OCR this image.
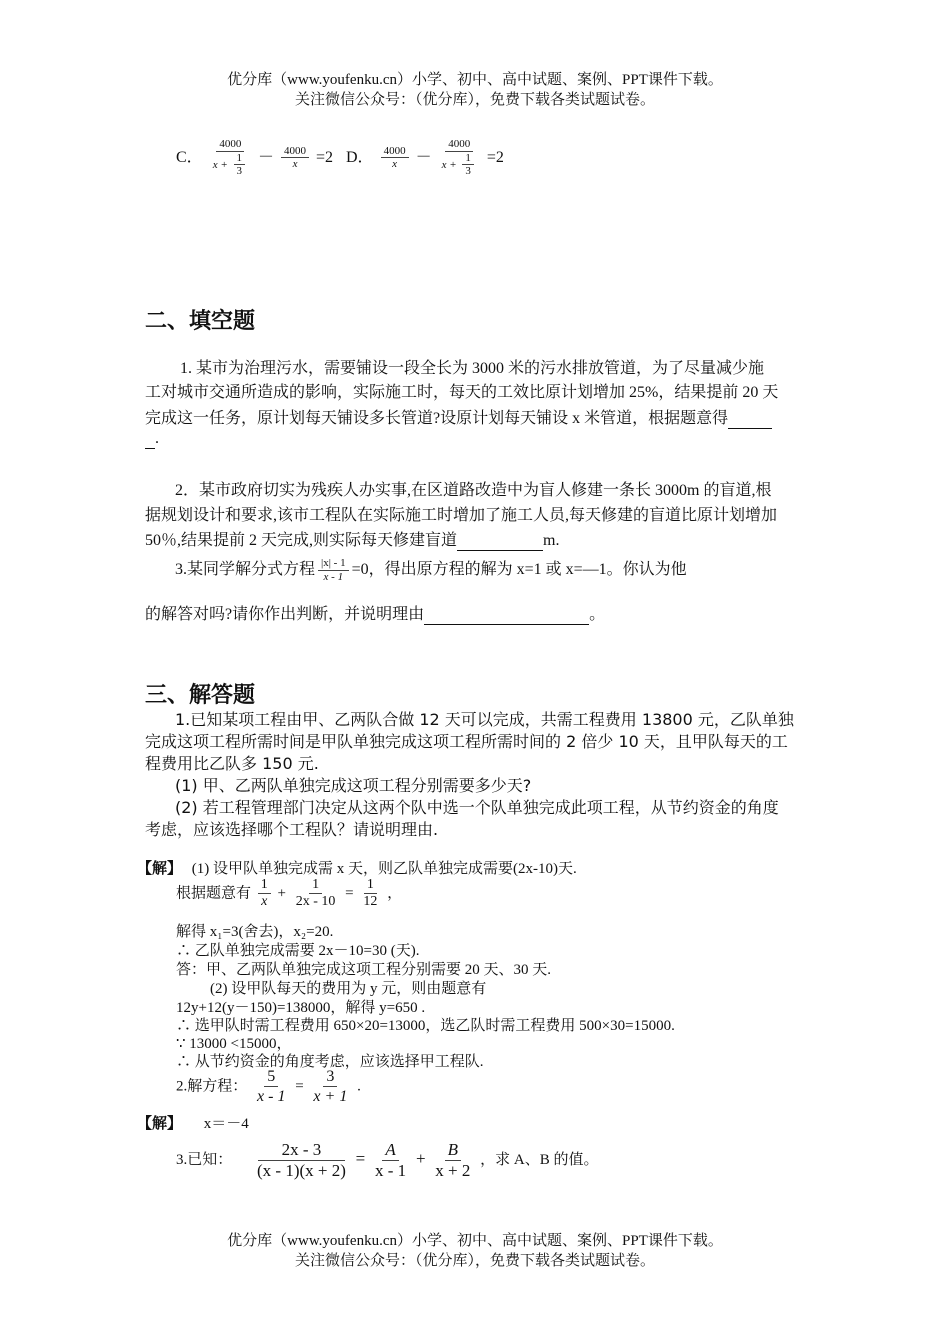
优分库（www.youfenku.cn）小学、初中、高中试题、案例、PPT课件下载。
关注微信公众号：（优分库），免费下载各类试题试卷。
C． $\frac{4000}{x + \frac{1}{3}} - \frac{4000}{x} =2$ D． $\frac{4000}{x} - \frac{4000}{x + \frac{1}{3}} =2$
二、填空题
1. 某市为治理污水，需要铺设一段全长为 3000 米的污水排放管道，为了尽量减少施
工对城市交通所造成的影响，实际施工时，每天的工效比原计划增加 25%，结果提前 20 天
完成这一任务，原计划每天铺设多长管道?设原计划每天铺设 x 米管道，根据题意得
.
2．某市政府切实为残疾人办实事,在区道路改造中为盲人修建一条长 3000m 的盲道,根
据规划设计和要求,该市工程队在实际施工时增加了施工人员,每天修建的盲道比原计划增加
50％,结果提前 2 天完成,则实际每天修建盲道	m.
3.某同学解分式方程 $\frac{|x| - 1}{x - 1} =0$，得出原方程的解为 x=1 或 x=—1。你认为他
的解答对吗?请你作出判断，并说明理由	。
三、解答题
1.已知某项工程由甲、乙两队合做 12 天可以完成，共需工程费用 13800 元，乙队单独
完成这项工程所需时间是甲队单独完成这项工程所需时间的 2 倍少 10 天，且甲队每天的工
程费用比乙队多 150 元.
(1) 甲、乙两队单独完成这项工程分别需要多少天?
(2) 若工程管理部门决定从这两个队中选一个队单独完成此项工程，从节约资金的角度
考虑，应该选择哪个工程队？请说明理由.
【解】 (1) 设甲队单独完成需 x 天，则乙队单独完成需要(2x-10)天.
根据题意有 $\frac{1}{x} + \frac{1}{2x - 10} = \frac{1}{12}$ ，
解得 x₁=3(舍去)，x₂=20.
∴ 乙队单独完成需要 2x－10=30 (天).
答：甲、乙两队单独完成这项工程分别需要 20 天、30 天.
(2) 设甲队每天的费用为 y 元，则由题意有
12y+12(y－150)=138000，解得 y=650 .
∴ 选甲队时需工程费用 650×20=13000，选乙队时需工程费用 500×30=15000.
∵ 13000 <15000，
∴ 从节约资金的角度考虑，应该选择甲工程队.
2.解方程： $\frac{5}{x - 1} = \frac{3}{x + 1}$ .
【解】 x＝－4
3.已知： $\frac{2x - 3}{(x - 1)(x + 2)} = \frac{A}{x - 1} + \frac{B}{x + 2}$ ，求 A、B 的值。
优分库（www.youfenku.cn）小学、初中、高中试题、案例、PPT课件下载。
关注微信公众号：（优分库），免费下载各类试题试卷。
